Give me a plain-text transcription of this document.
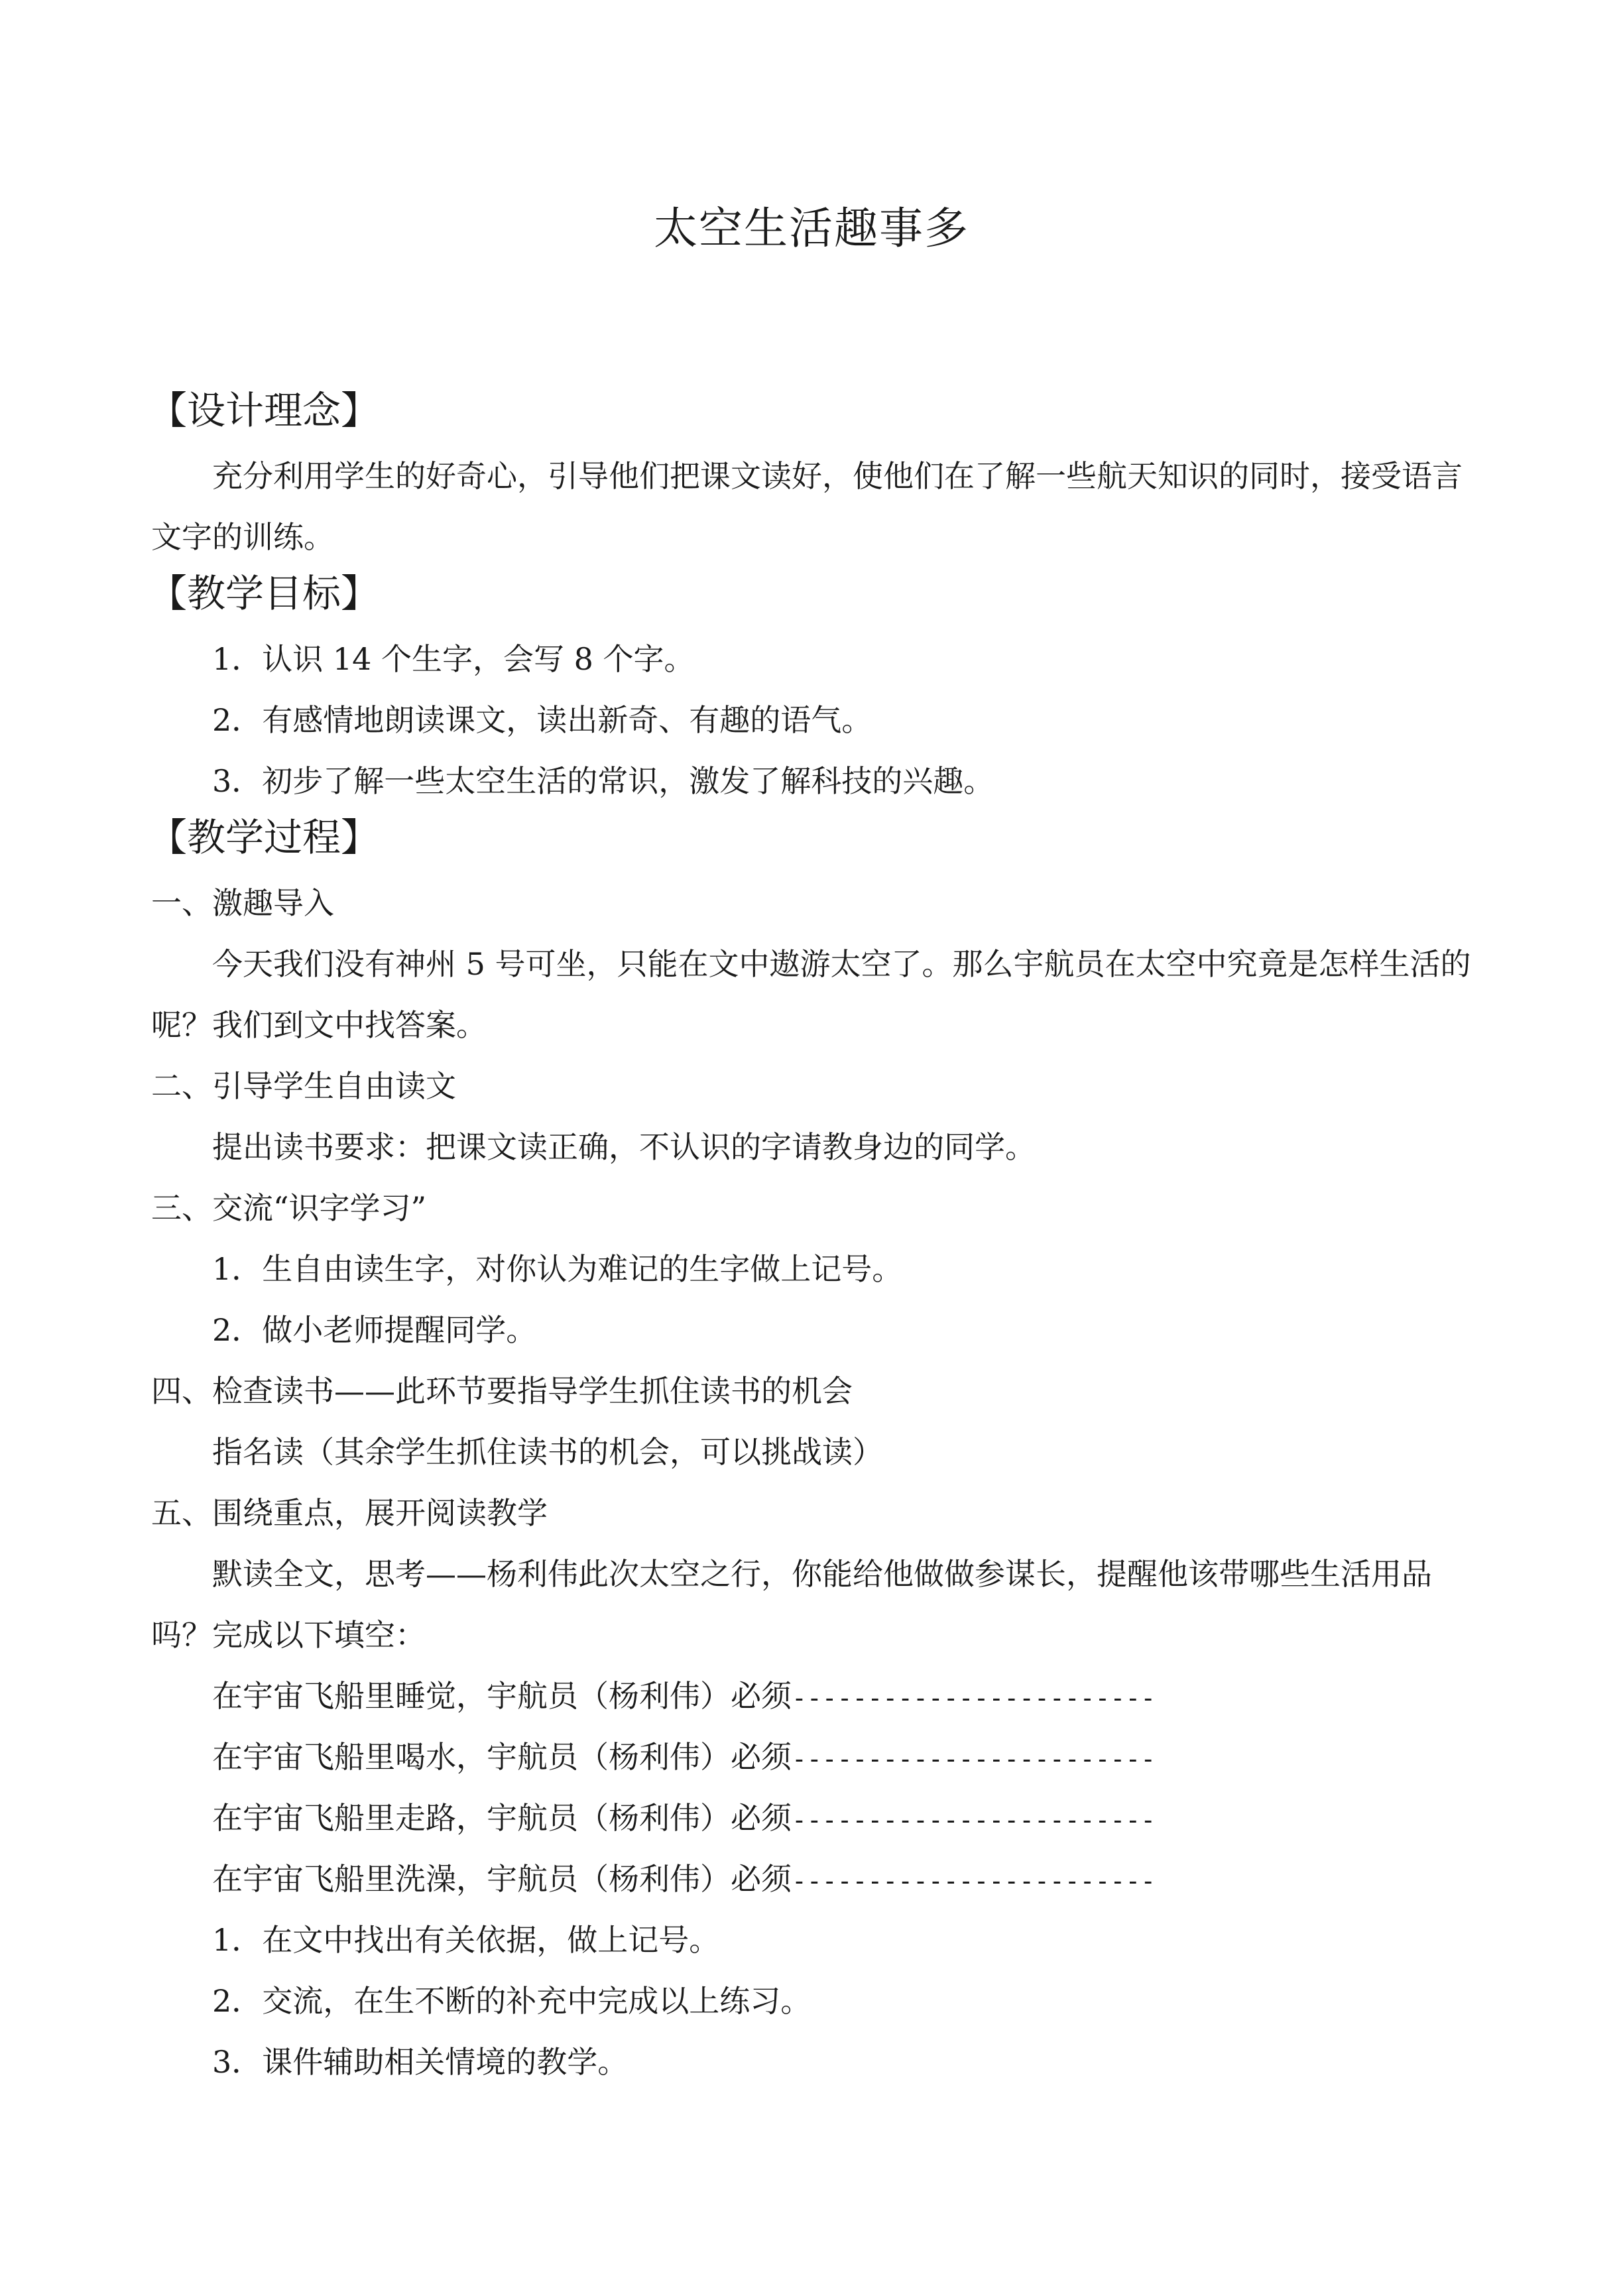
太空生活趣事多
【设计理念】

充分利用学生的好奇心，引导他们把课文读好，使他们在了解一些航天知识的同时，接受语言文字的训练。

【教学目标】
1．认识 14 个生字，会写 8 个字。
2．有感情地朗读课文，读出新奇、有趣的语气。
3．初步了解一些太空生活的常识，激发了解科技的兴趣。
【教学过程】
一、激趣导入

今天我们没有神州 5 号可坐，只能在文中遨游太空了。那么宇航员在太空中究竟是怎样生活的呢？我们到文中找答案。

二、引导学生自由读文

提出读书要求：把课文读正确，不认识的字请教身边的同学。

三、交流“识字学习”
1．生自由读生字，对你认为难记的生字做上记号。
2．做小老师提醒同学。
四、检查读书——此环节要指导学生抓住读书的机会

指名读（其余学生抓住读书的机会，可以挑战读）

五、围绕重点，展开阅读教学

默读全文，思考——杨利伟此次太空之行，你能给他做做参谋长，提醒他该带哪些生活用品吗？完成以下填空：

在宇宙飞船里睡觉，宇航员（杨利伟）必须------------------------
在宇宙飞船里喝水，宇航员（杨利伟）必须------------------------
在宇宙飞船里走路，宇航员（杨利伟）必须------------------------
在宇宙飞船里洗澡，宇航员（杨利伟）必须------------------------
1．在文中找出有关依据，做上记号。
2．交流，在生不断的补充中完成以上练习。
3．课件辅助相关情境的教学。
